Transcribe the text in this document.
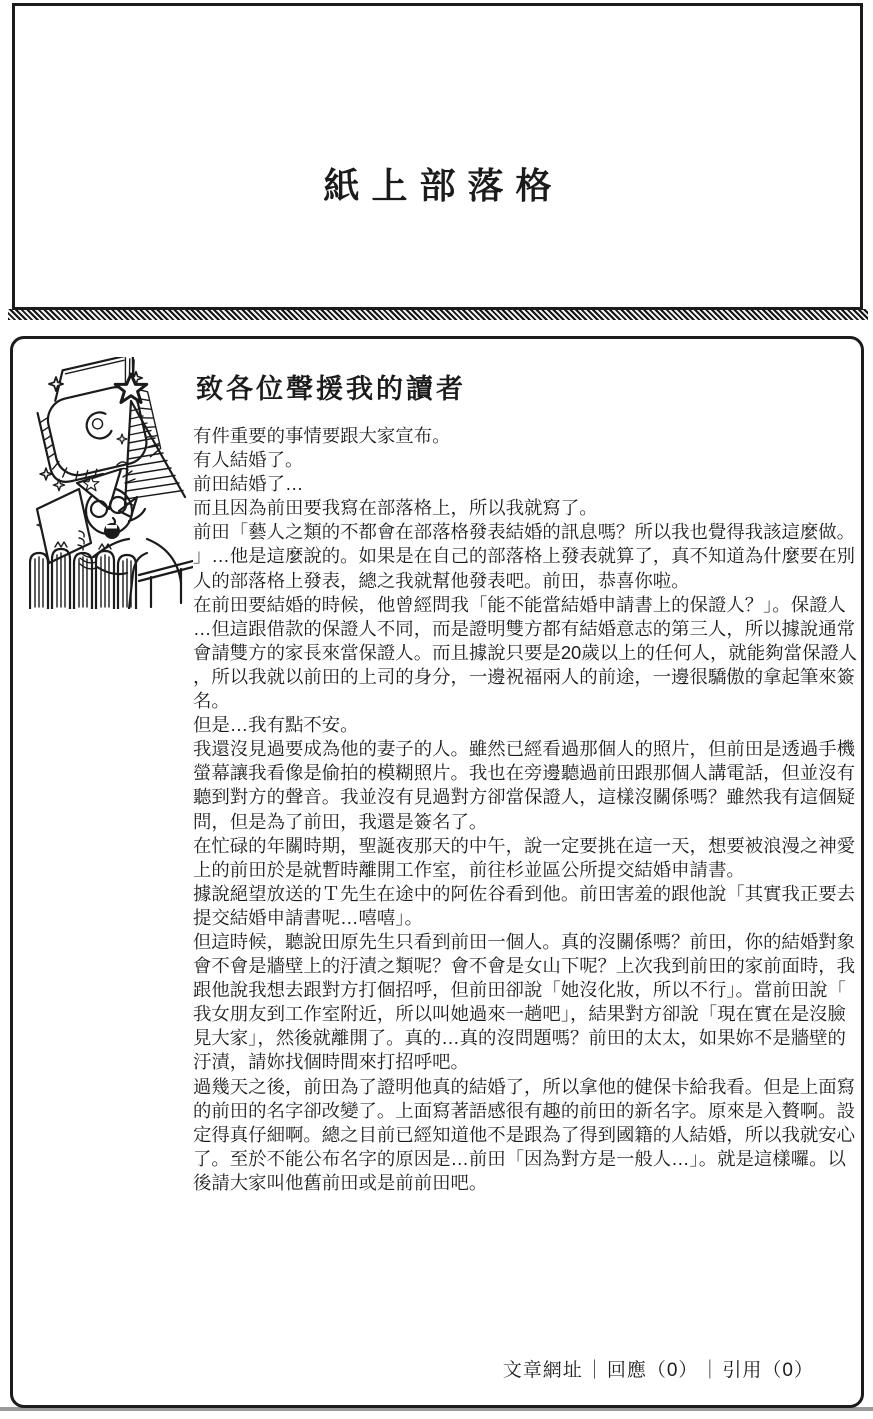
紙上部落格
致各位聲援我的讀者
有件重要的事情要跟大家宣布。
有人結婚了。
前田結婚了…
而且因為前田要我寫在部落格上，所以我就寫了。
前田「藝人之類的不都會在部落格發表結婚的訊息嗎？所以我也覺得我該這麼做。
」…他是這麼說的。如果是在自己的部落格上發表就算了，真不知道為什麼要在別
人的部落格上發表，總之我就幫他發表吧。前田，恭喜你啦。
在前田要結婚的時候，他曾經問我「能不能當結婚申請書上的保證人？」。保證人
…但這跟借款的保證人不同，而是證明雙方都有結婚意志的第三人，所以據說通常
會請雙方的家長來當保證人。而且據說只要是20歲以上的任何人，就能夠當保證人
，所以我就以前田的上司的身分，一邊祝福兩人的前途，一邊很驕傲的拿起筆來簽
名。
但是…我有點不安。
我還沒見過要成為他的妻子的人。雖然已經看過那個人的照片，但前田是透過手機
螢幕讓我看像是偷拍的模糊照片。我也在旁邊聽過前田跟那個人講電話，但並沒有
聽到對方的聲音。我並沒有見過對方卻當保證人，這樣沒關係嗎？雖然我有這個疑
問，但是為了前田，我還是簽名了。
在忙碌的年關時期，聖誕夜那天的中午，說一定要挑在這一天，想要被浪漫之神愛
上的前田於是就暫時離開工作室，前往杉並區公所提交結婚申請書。
據說絕望放送的Ｔ先生在途中的阿佐谷看到他。前田害羞的跟他說「其實我正要去
提交結婚申請書呢…嘻嘻」。
但這時候，聽說田原先生只看到前田一個人。真的沒關係嗎？前田，你的結婚對象
會不會是牆壁上的汙漬之類呢？會不會是女山下呢？上次我到前田的家前面時，我
跟他說我想去跟對方打個招呼，但前田卻說「她沒化妝，所以不行」。當前田說「
我女朋友到工作室附近，所以叫她過來一趟吧」，結果對方卻說「現在實在是沒臉
見大家」，然後就離開了。真的…真的沒問題嗎？前田的太太，如果妳不是牆壁的
汙漬，請妳找個時間來打招呼吧。
過幾天之後，前田為了證明他真的結婚了，所以拿他的健保卡給我看。但是上面寫
的前田的名字卻改變了。上面寫著語感很有趣的前田的新名字。原來是入贅啊。設
定得真仔細啊。總之目前已經知道他不是跟為了得到國籍的人結婚，所以我就安心
了。至於不能公布名字的原因是…前田「因為對方是一般人…」。就是這樣囉。以
後請大家叫他舊前田或是前前田吧。
文章網址 ｜ 回應（0） ｜ 引用（0）
